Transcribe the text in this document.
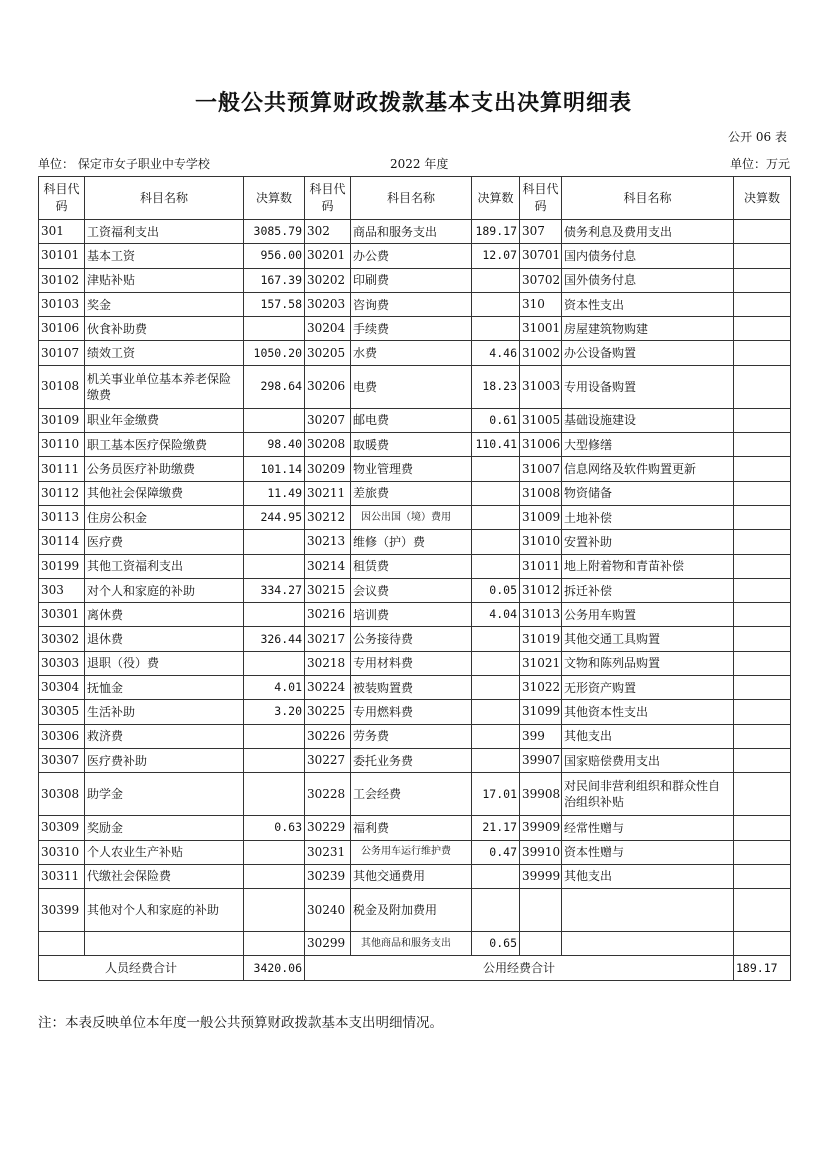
一般公共预算财政拨款基本支出决算明细表
公开 06 表
单位： 保定市女子职业中专学校	2022 年度	单位：万元
科目代码	科目名称	决算数	科目代码	科目名称	决算数	科目代码	科目名称	决算数
301	工资福利支出	3085.79	302	商品和服务支出	189.17	307	债务利息及费用支出	
30101	基本工资	956.00	30201	办公费	12.07	30701	国内债务付息	
30102	津贴补贴	167.39	30202	印刷费		30702	国外债务付息	
30103	奖金	157.58	30203	咨询费		310	资本性支出	
30106	伙食补助费		30204	手续费		31001	房屋建筑物购建	
30107	绩效工资	1050.20	30205	水费	4.46	31002	办公设备购置	
30108	机关事业单位基本养老保险缴费	298.64	30206	电费	18.23	31003	专用设备购置	
30109	职业年金缴费		30207	邮电费	0.61	31005	基础设施建设	
30110	职工基本医疗保险缴费	98.40	30208	取暖费	110.41	31006	大型修缮	
30111	公务员医疗补助缴费	101.14	30209	物业管理费		31007	信息网络及软件购置更新	
30112	其他社会保障缴费	11.49	30211	差旅费		31008	物资储备	
30113	住房公积金	244.95	30212	因公出国（境）费用		31009	土地补偿	
30114	医疗费		30213	维修（护）费		31010	安置补助	
30199	其他工资福利支出		30214	租赁费		31011	地上附着物和青苗补偿	
303	对个人和家庭的补助	334.27	30215	会议费	0.05	31012	拆迁补偿	
30301	离休费		30216	培训费	4.04	31013	公务用车购置	
30302	退休费	326.44	30217	公务接待费		31019	其他交通工具购置	
30303	退职（役）费		30218	专用材料费		31021	文物和陈列品购置	
30304	抚恤金	4.01	30224	被装购置费		31022	无形资产购置	
30305	生活补助	3.20	30225	专用燃料费		31099	其他资本性支出	
30306	救济费		30226	劳务费		399	其他支出	
30307	医疗费补助		30227	委托业务费		39907	国家赔偿费用支出	
30308	助学金		30228	工会经费	17.01	39908	对民间非营利组织和群众性自治组织补贴	
30309	奖励金	0.63	30229	福利费	21.17	39909	经常性赠与	
30310	个人农业生产补贴		30231	公务用车运行维护费	0.47	39910	资本性赠与	
30311	代缴社会保险费		30239	其他交通费用		39999	其他支出	
30399	其他对个人和家庭的补助		30240	税金及附加费用				
			30299	其他商品和服务支出	0.65			
人员经费合计		3420.06	公用经费合计					189.17
注：本表反映单位本年度一般公共预算财政拨款基本支出明细情况。
